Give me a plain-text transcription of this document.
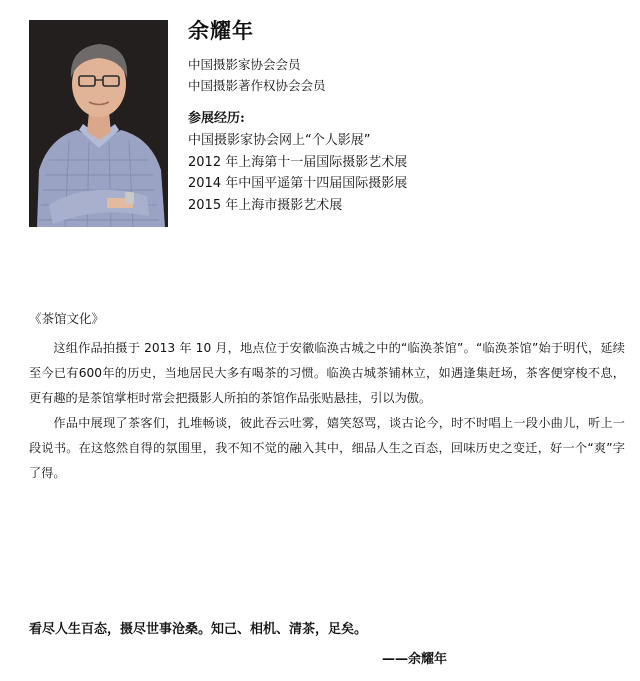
余耀年
中国摄影家协会会员
中国摄影著作权协会会员
参展经历:
中国摄影家协会网上“个人影展”
2012 年上海第十一届国际摄影艺术展
2014 年中国平遥第十四届国际摄影展
2015 年上海市摄影艺术展
《茶馆文化》

这组作品拍摄于 2013 年 10 月，地点位于安徽临涣古城之中的“临涣茶馆”。“临涣茶馆”始于明代，延续至今已有600年的历史，当地居民大多有喝茶的习惯。临涣古城茶铺林立，如遇逢集赶场，茶客便穿梭不息，更有趣的是茶馆掌柜时常会把摄影人所拍的茶馆作品张贴悬挂，引以为傲。

作品中展现了茶客们，扎堆畅谈，彼此吞云吐雾，嬉笑怒骂，谈古论今，时不时唱上一段小曲儿，听上一段说书。在这悠然自得的氛围里，我不知不觉的融入其中，细品人生之百态，回味历史之变迁，好一个“爽”字了得。

看尽人生百态，摄尽世事沧桑。知己、相机、清茶，足矣。
——余耀年
